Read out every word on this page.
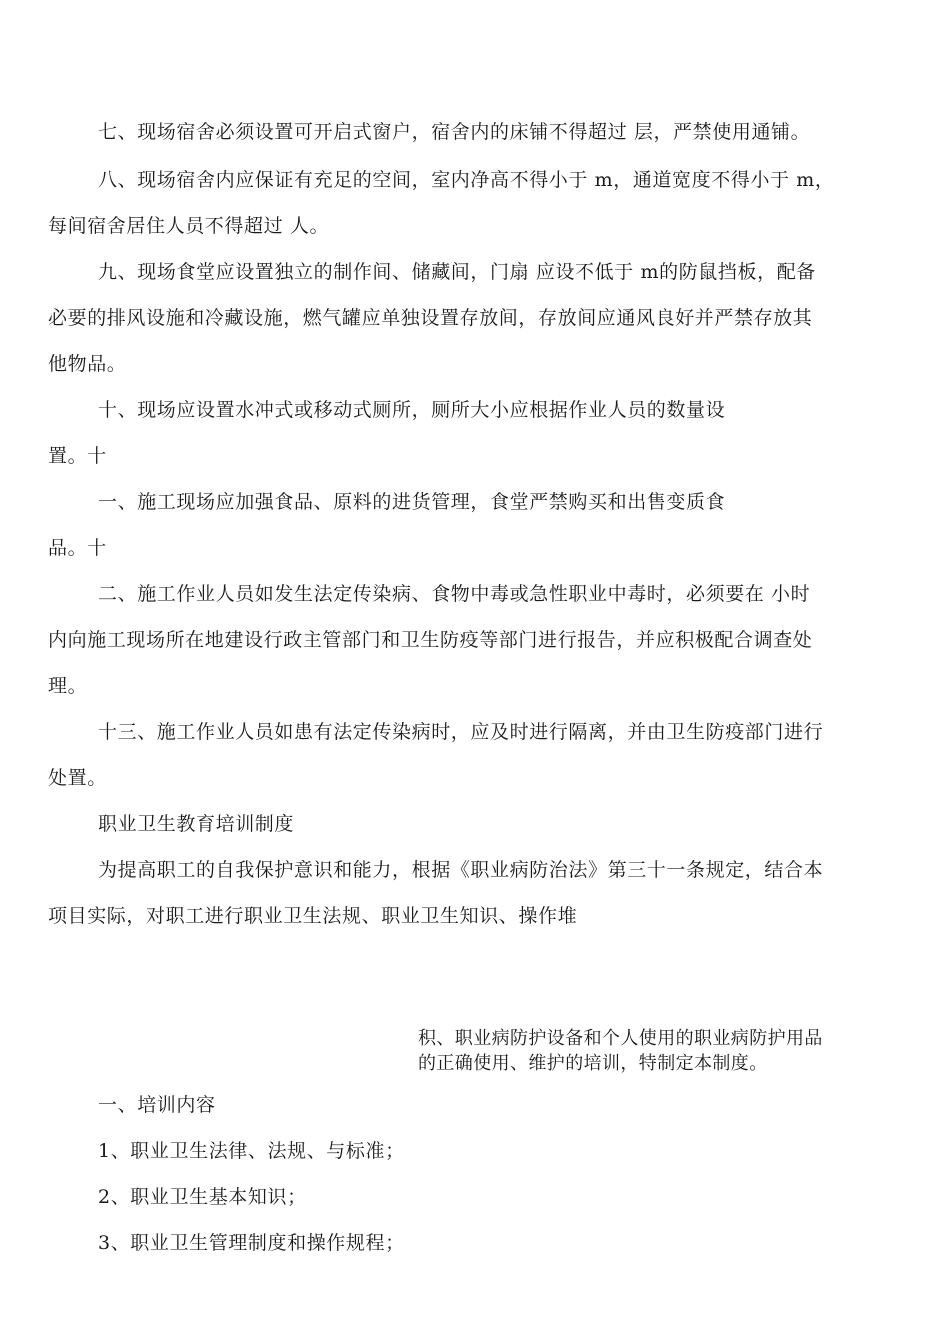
七、现场宿舍必须设置可开启式窗户，宿舍内的床铺不得超过 层，严禁使用通铺。
八、现场宿舍内应保证有充足的空间，室内净高不得小于 m，通道宽度不得小于 m，
每间宿舍居住人员不得超过 人。
九、现场食堂应设置独立的制作间、储藏间，门扇 应设不低于 m的防鼠挡板，配备
必要的排风设施和冷藏设施，燃气罐应单独设置存放间，存放间应通风良好并严禁存放其
他物品。
十、现场应设置水冲式或移动式厕所，厕所大小应根据作业人员的数量设
置。十
一、施工现场应加强食品、原料的进货管理，食堂严禁购买和出售变质食
品。十
二、施工作业人员如发生法定传染病、食物中毒或急性职业中毒时，必须要在 小时
内向施工现场所在地建设行政主管部门和卫生防疫等部门进行报告，并应积极配合调查处
理。
十三、施工作业人员如患有法定传染病时，应及时进行隔离，并由卫生防疫部门进行
处置。
职业卫生教育培训制度
为提高职工的自我保护意识和能力，根据《职业病防治法》第三十一条规定，结合本
项目实际，对职工进行职业卫生法规、职业卫生知识、操作堆
积、职业病防护设备和个人使用的职业病防护用品
的正确使用、维护的培训，特制定本制度。
一、培训内容
1、职业卫生法律、法规、与标准；
2、职业卫生基本知识；
3、职业卫生管理制度和操作规程；
